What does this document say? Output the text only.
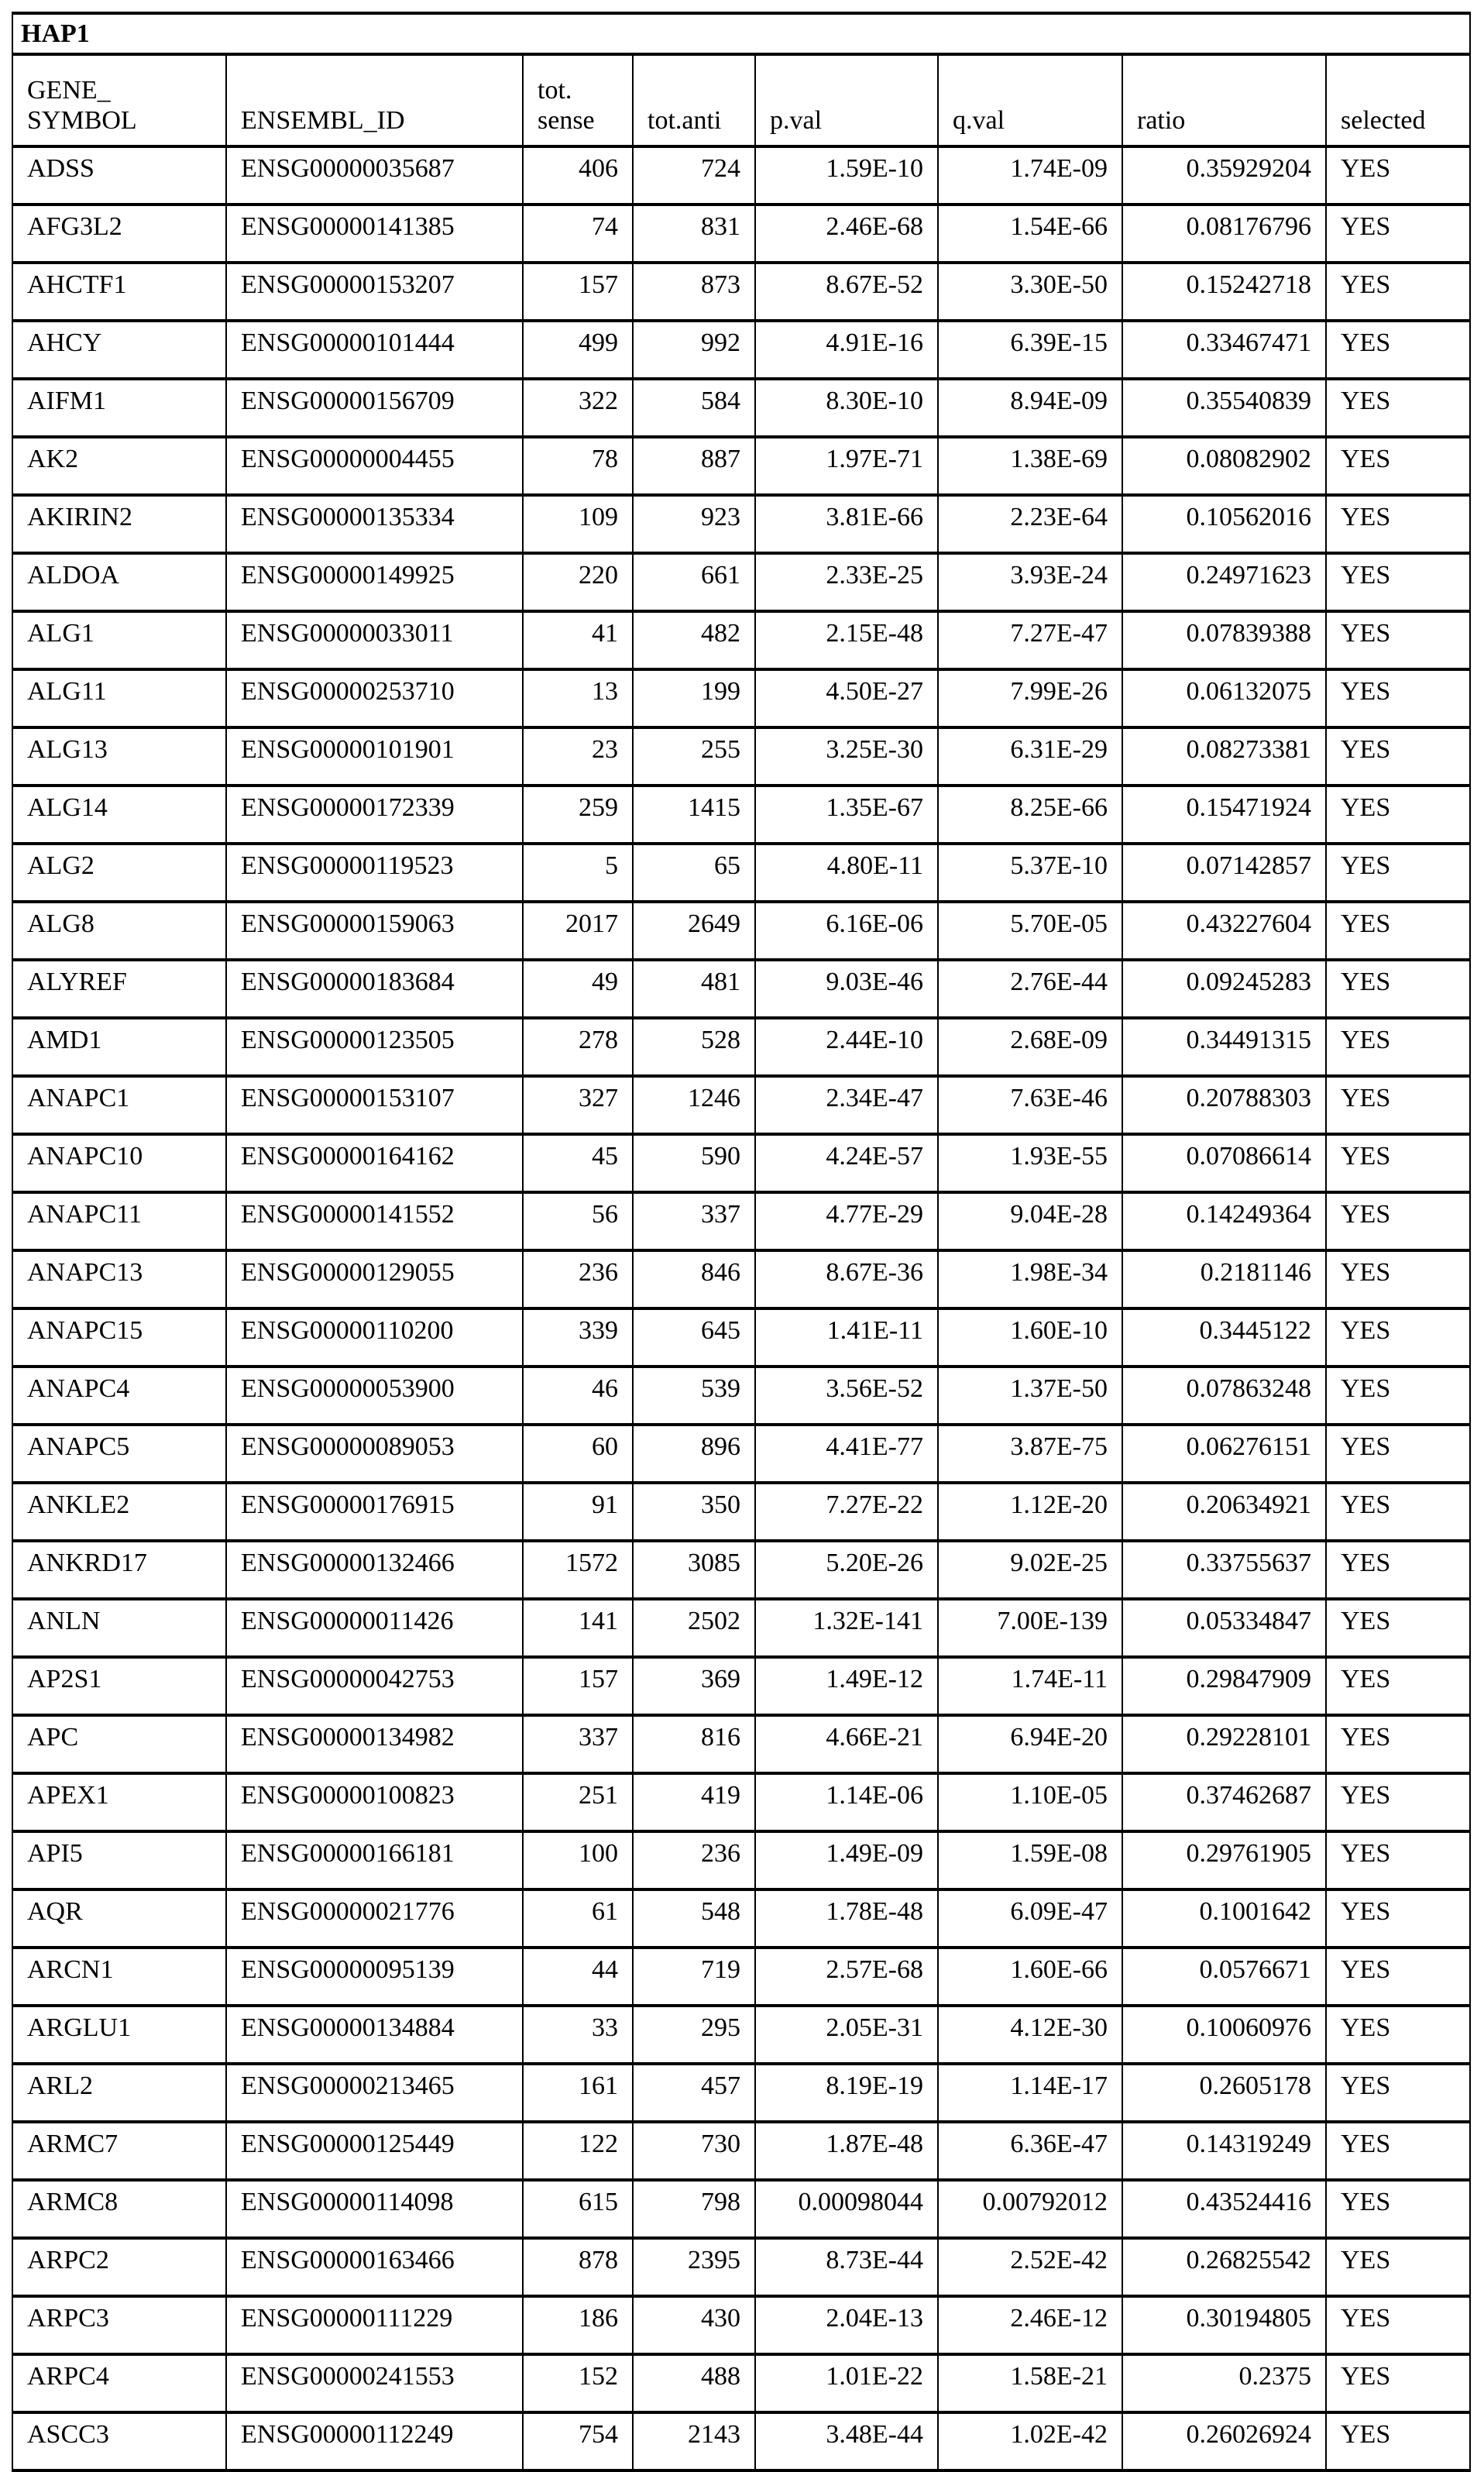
HAP1
GENE_ SYMBOL	ENSEMBL_ID	tot. sense	tot.anti	p.val	q.val	ratio	selected
ADSS	ENSG00000035687	406	724	1.59E-10	1.74E-09	0.35929204	YES
AFG3L2	ENSG00000141385	74	831	2.46E-68	1.54E-66	0.08176796	YES
AHCTF1	ENSG00000153207	157	873	8.67E-52	3.30E-50	0.15242718	YES
AHCY	ENSG00000101444	499	992	4.91E-16	6.39E-15	0.33467471	YES
AIFM1	ENSG00000156709	322	584	8.30E-10	8.94E-09	0.35540839	YES
AK2	ENSG00000004455	78	887	1.97E-71	1.38E-69	0.08082902	YES
AKIRIN2	ENSG00000135334	109	923	3.81E-66	2.23E-64	0.10562016	YES
ALDOA	ENSG00000149925	220	661	2.33E-25	3.93E-24	0.24971623	YES
ALG1	ENSG00000033011	41	482	2.15E-48	7.27E-47	0.07839388	YES
ALG11	ENSG00000253710	13	199	4.50E-27	7.99E-26	0.06132075	YES
ALG13	ENSG00000101901	23	255	3.25E-30	6.31E-29	0.08273381	YES
ALG14	ENSG00000172339	259	1415	1.35E-67	8.25E-66	0.15471924	YES
ALG2	ENSG00000119523	5	65	4.80E-11	5.37E-10	0.07142857	YES
ALG8	ENSG00000159063	2017	2649	6.16E-06	5.70E-05	0.43227604	YES
ALYREF	ENSG00000183684	49	481	9.03E-46	2.76E-44	0.09245283	YES
AMD1	ENSG00000123505	278	528	2.44E-10	2.68E-09	0.34491315	YES
ANAPC1	ENSG00000153107	327	1246	2.34E-47	7.63E-46	0.20788303	YES
ANAPC10	ENSG00000164162	45	590	4.24E-57	1.93E-55	0.07086614	YES
ANAPC11	ENSG00000141552	56	337	4.77E-29	9.04E-28	0.14249364	YES
ANAPC13	ENSG00000129055	236	846	8.67E-36	1.98E-34	0.2181146	YES
ANAPC15	ENSG00000110200	339	645	1.41E-11	1.60E-10	0.3445122	YES
ANAPC4	ENSG00000053900	46	539	3.56E-52	1.37E-50	0.07863248	YES
ANAPC5	ENSG00000089053	60	896	4.41E-77	3.87E-75	0.06276151	YES
ANKLE2	ENSG00000176915	91	350	7.27E-22	1.12E-20	0.20634921	YES
ANKRD17	ENSG00000132466	1572	3085	5.20E-26	9.02E-25	0.33755637	YES
ANLN	ENSG00000011426	141	2502	1.32E-141	7.00E-139	0.05334847	YES
AP2S1	ENSG00000042753	157	369	1.49E-12	1.74E-11	0.29847909	YES
APC	ENSG00000134982	337	816	4.66E-21	6.94E-20	0.29228101	YES
APEX1	ENSG00000100823	251	419	1.14E-06	1.10E-05	0.37462687	YES
API5	ENSG00000166181	100	236	1.49E-09	1.59E-08	0.29761905	YES
AQR	ENSG00000021776	61	548	1.78E-48	6.09E-47	0.1001642	YES
ARCN1	ENSG00000095139	44	719	2.57E-68	1.60E-66	0.0576671	YES
ARGLU1	ENSG00000134884	33	295	2.05E-31	4.12E-30	0.10060976	YES
ARL2	ENSG00000213465	161	457	8.19E-19	1.14E-17	0.2605178	YES
ARMC7	ENSG00000125449	122	730	1.87E-48	6.36E-47	0.14319249	YES
ARMC8	ENSG00000114098	615	798	0.00098044	0.00792012	0.43524416	YES
ARPC2	ENSG00000163466	878	2395	8.73E-44	2.52E-42	0.26825542	YES
ARPC3	ENSG00000111229	186	430	2.04E-13	2.46E-12	0.30194805	YES
ARPC4	ENSG00000241553	152	488	1.01E-22	1.58E-21	0.2375	YES
ASCC3	ENSG00000112249	754	2143	3.48E-44	1.02E-42	0.26026924	YES
